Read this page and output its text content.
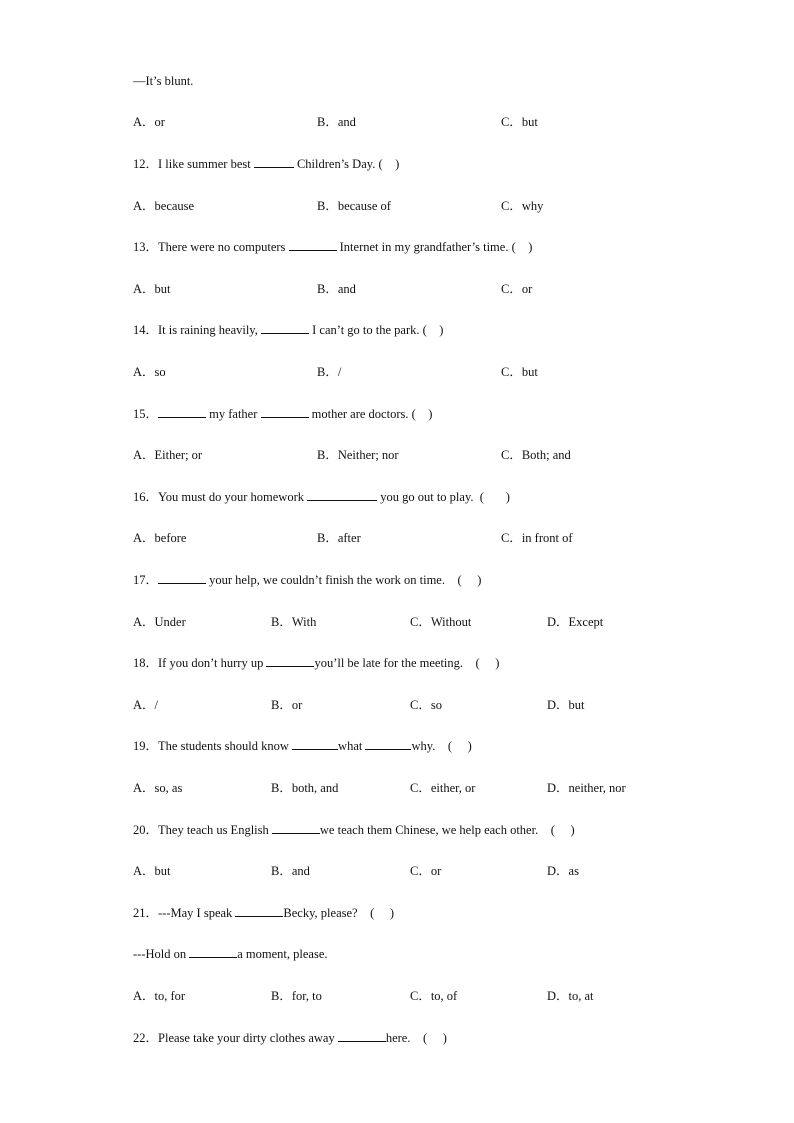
—It’s blunt.
A．or	B．and	C．but
12．I like summer best	Children’s Day. (    )
A．because	B．because of	C．why
13．There were no computers	Internet in my grandfather’s time. (    )
A．but	B．and	C．or
14．It is raining heavily,	I can’t go to the park. (    )
A．so	B．/	C．but
15．	my father	mother are doctors. (    )
A．Either; or	B．Neither; nor	C．Both; and
16．You must do your homework	you go out to play.  (       )
A．before	B．after	C．in front of
17．	your help, we couldn’t finish the work on time.    (     )
A．Under	B．With	C．Without	D．Except
18．If you don’t hurry up	you’ll be late for the meeting.    (     )
A．/	B．or	C．so	D．but
19．The students should know	what	why.    (     )
A．so, as	B．both, and	C．either, or	D．neither, nor
20．They teach us English	we teach them Chinese, we help each other.    (     )
A．but	B．and	C．or	D．as
21．---May I speak	Becky, please?    (     )
---Hold on	a moment, please.
A．to, for	B．for, to	C．to, of	D．to, at
22．Please take your dirty clothes away	here.    (     )
